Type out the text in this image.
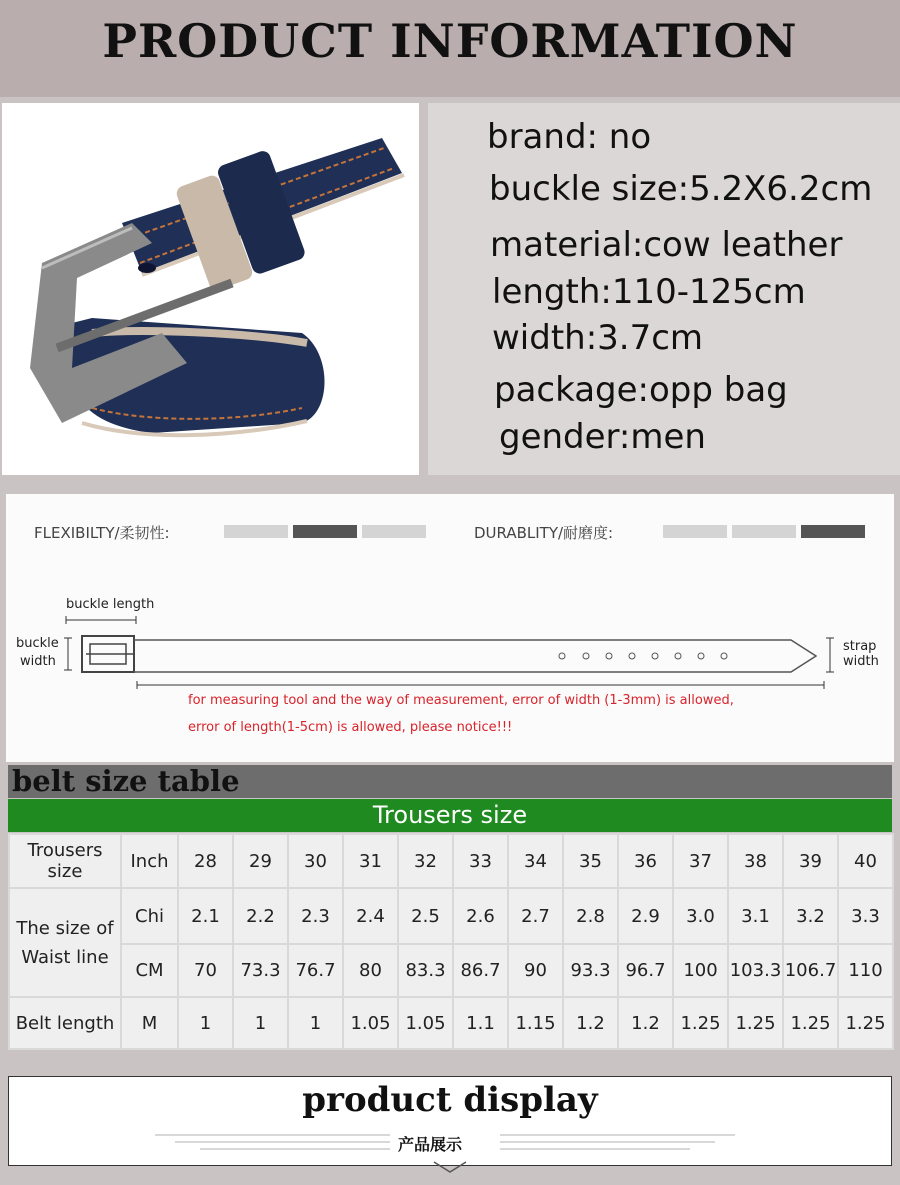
PRODUCT INFORMATION
brand: no
buckle size:5.2X6.2cm
material:cow leather
length:110-125cm
width:3.7cm
package:opp bag
gender:men
FLEXIBILTY/柔韧性:	DURABLITY/耐磨度:
buckle length
buckle
width
strap
width
for measuring tool and the way of measurement, error of width (1-3mm) is allowed,
error of length(1-5cm) is allowed, please notice!!!
belt size table
Trousers size
Trousers size	Inch	28	29	30	31	32	33	34	35	36	37	38	39	40

The size of
Waist line	Chi	2.1	2.2	2.3	2.4	2.5	2.6	2.7	2.8	2.9	3.0	3.1	3.2	3.3
	CM	70	73.3	76.7	80	83.3	86.7	90	93.3	96.7	100	103.3	106.7	110
Belt length	M	1	1	1	1.05	1.05	1.1	1.15	1.2	1.2	1.25	1.25	1.25	1.25
product display
产品展示
